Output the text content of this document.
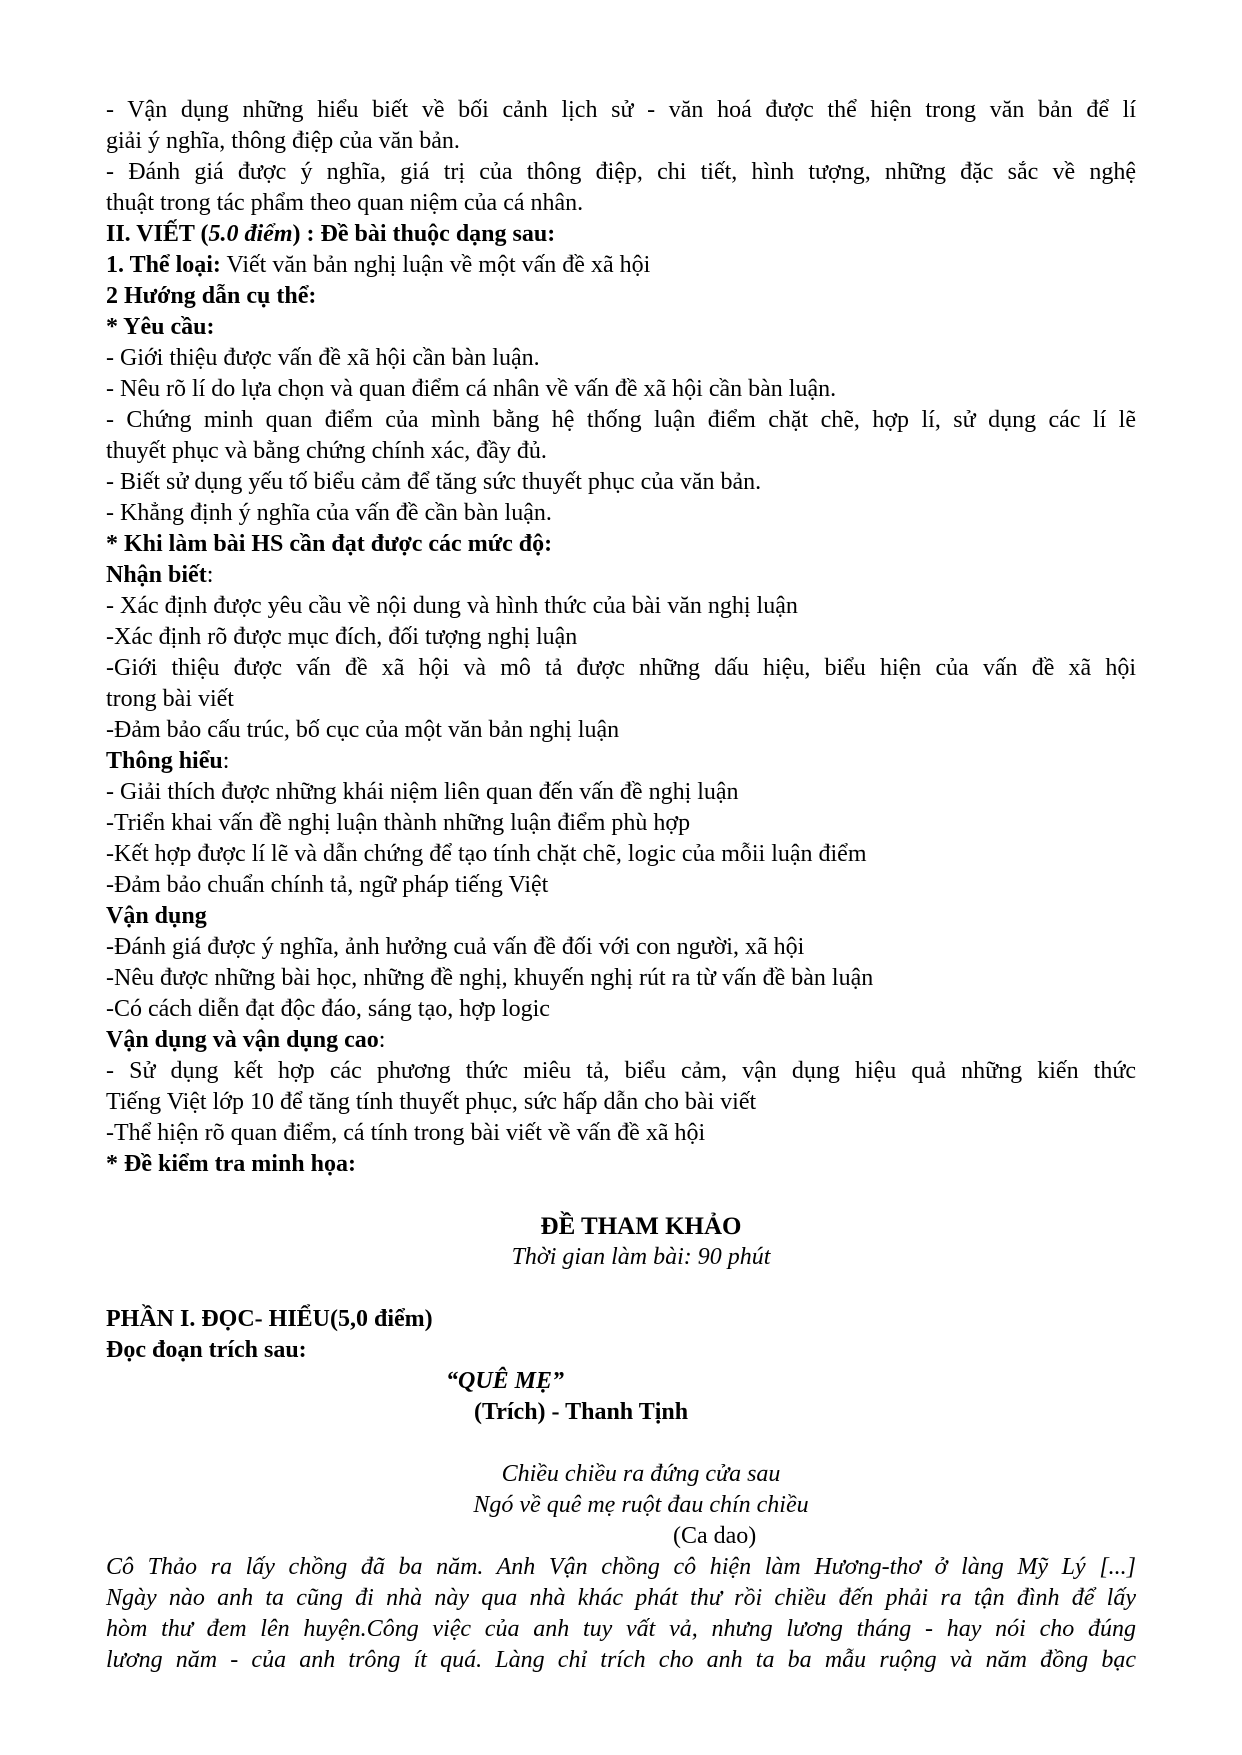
- Vận dụng những hiểu biết về bối cảnh lịch sử - văn hoá được thể hiện trong văn bản để lí
giải ý nghĩa, thông điệp của văn bản.
- Đánh giá được ý nghĩa, giá trị của thông điệp, chi tiết, hình tượng, những đặc sắc về nghệ
thuật trong tác phẩm theo quan niệm của cá nhân.
II. VIẾT (5.0 điểm) : Đề bài thuộc dạng sau:
1. Thể loại: Viết văn bản nghị luận về một vấn đề xã hội
2 Hướng dẫn cụ thể:
* Yêu cầu:
- Giới thiệu được vấn đề xã hội cần bàn luận.
- Nêu rõ lí do lựa chọn và quan điểm cá nhân về vấn đề xã hội cần bàn luận.
- Chứng minh quan điểm của mình bằng hệ thống luận điểm chặt chẽ, hợp lí, sử dụng các lí lẽ
thuyết phục và bằng chứng chính xác, đầy đủ.
- Biết sử dụng yếu tố biểu cảm để tăng sức thuyết phục của văn bản.
- Khẳng định ý nghĩa của vấn đề cần bàn luận.
* Khi làm bài HS cần đạt được các mức độ:
Nhận biết:
- Xác định được yêu cầu về nội dung và hình thức của bài văn nghị luận
-Xác định rõ được mục đích, đối tượng nghị luận
-Giới thiệu được vấn đề xã hội và mô tả được những dấu hiệu, biểu hiện của vấn đề xã hội
trong bài viết
-Đảm bảo cấu trúc, bố cục của một văn bản nghị luận
Thông hiểu:
- Giải thích được những khái niệm liên quan đến vấn đề nghị luận
-Triển khai vấn đề nghị luận thành những luận điểm phù hợp
-Kết hợp được lí lẽ và dẫn chứng để tạo tính chặt chẽ, logic của mỗii luận điểm
-Đảm bảo chuẩn chính tả, ngữ pháp tiếng Việt
Vận dụng
-Đánh giá được ý nghĩa, ảnh hưởng cuả vấn đề đối với con người, xã hội
-Nêu được những bài học, những đề nghị, khuyến nghị rút ra từ vấn đề bàn luận
-Có cách diễn đạt độc đáo, sáng tạo, hợp logic
Vận dụng và vận dụng cao:
- Sử dụng kết hợp các phương thức miêu tả, biểu cảm, vận dụng hiệu quả những kiến thức
Tiếng Việt lớp 10 để tăng tính thuyết phục, sức hấp dẫn cho bài viết
-Thể hiện rõ quan điểm, cá tính trong bài viết về vấn đề xã hội
* Đề kiểm tra minh họa:
ĐỀ THAM KHẢO
Thời gian làm bài: 90 phút
PHẦN I. ĐỌC- HIỂU(5,0 điểm)
Đọc đoạn trích sau:
“QUÊ MẸ”
(Trích) - Thanh Tịnh
Chiều chiều ra đứng cửa sau
Ngó về quê mẹ ruột đau chín chiều
(Ca dao)
Cô Thảo ra lấy chồng đã ba năm. Anh Vận chồng cô hiện làm Hương-thơ ở làng Mỹ Lý [...]
Ngày nào anh ta cũng đi nhà này qua nhà khác phát thư rồi chiều đến phải ra tận đình để lấy
hòm thư đem lên huyện.Công việc của anh tuy vất vả, nhưng lương tháng - hay nói cho đúng
lương năm - của anh trông ít quá. Làng chỉ trích cho anh ta ba mẫu ruộng và năm đồng bạc
